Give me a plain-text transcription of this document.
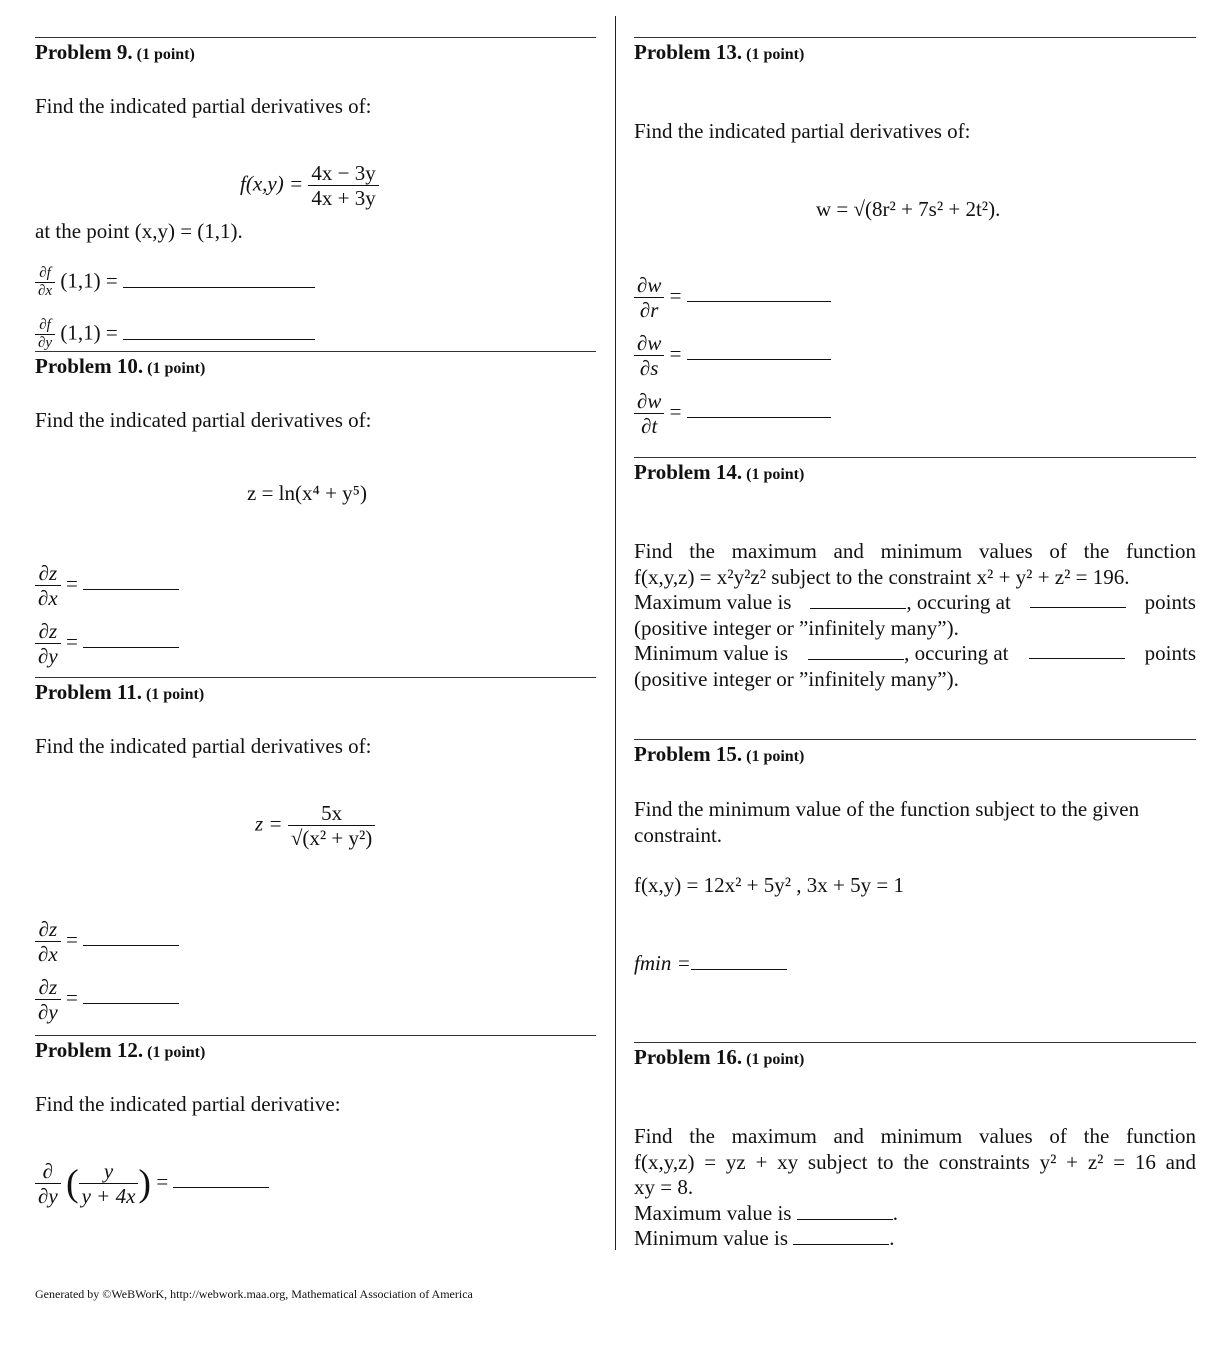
Problem 9. (1 point)
Find the indicated partial derivatives of:
$f(x,y) = \frac{4x - 3y}{4x + 3y}$
at the point (x,y) = (1,1).
$\frac{\partial f}{\partial x} (1,1)$ =
$\frac{\partial f}{\partial y} (1,1)$ =
Problem 10. (1 point)
Find the indicated partial derivatives of:
z = ln(x⁴ + y⁵)
$\frac{\partial z}{\partial x}$ =
$\frac{\partial z}{\partial y}$ =
Problem 11. (1 point)
Find the indicated partial derivatives of:
$z = \frac{5x}{\text{√(x² + y²)}}$
$\frac{\partial z}{\partial x}$ =
$\frac{\partial z}{\partial y}$ =
Problem 12. (1 point)
Find the indicated partial derivative:
$\frac{\partial}{\partial y}$ ( $\frac{y}{y + 4x}$ ) =
Problem 13. (1 point)
Find the indicated partial derivatives of:
w = √(8r² + 7s² + 2t²).
$\frac{\partial w}{\partial r}$ =
$\frac{\partial w}{\partial s}$ =
$\frac{\partial w}{\partial t}$ =
Problem 14. (1 point)
Find the maximum and minimum values of the function
f(x,y,z) = x²y²z² subject to the constraint x² + y² + z² = 196.
Maximum value is	, occuring at	points
(positive integer or ”infinitely many”).
Minimum value is	, occuring at	points
(positive integer or ”infinitely many”).
Problem 15. (1 point)
Find the minimum value of the function subject to the given constraint.
f(x,y) = 12x² + 5y² , 3x + 5y = 1
fmin =
Problem 16. (1 point)
Find the maximum and minimum values of the function
f(x,y,z) = yz + xy subject to the constraints y² + z² = 16 and
xy = 8.
Maximum value is	.
Minimum value is	.
Generated by ©WeBWorK, http://webwork.maa.org, Mathematical Association of America
